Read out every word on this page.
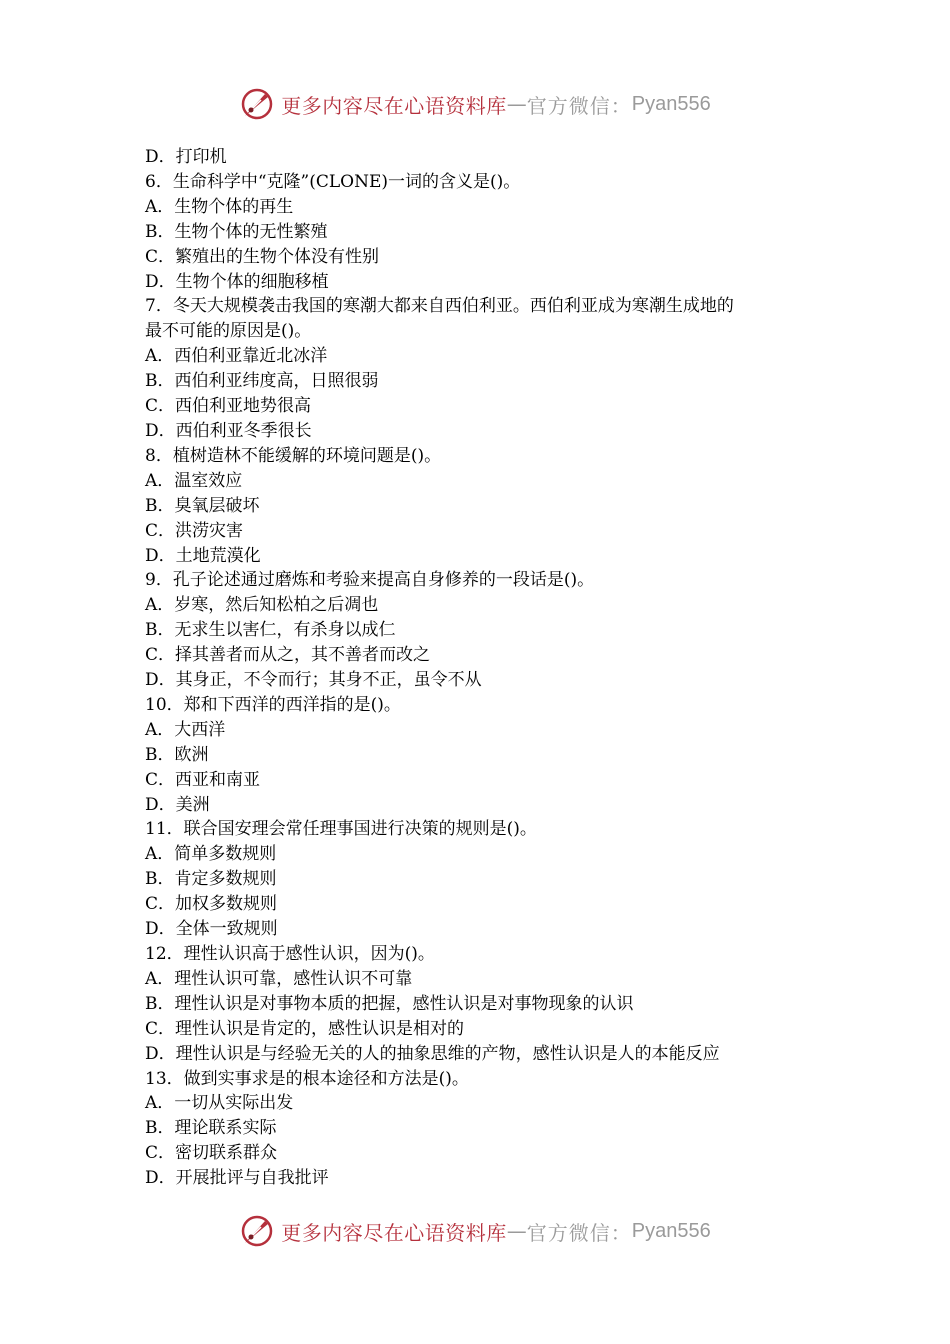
更多内容尽在心语资料库 — 官方微信： Pyan556
D．打印机
6．生命科学中“克隆”(CLONE)一词的含义是()。
A．生物个体的再生
B．生物个体的无性繁殖
C．繁殖出的生物个体没有性别
D．生物个体的细胞移植
7．冬天大规模袭击我国的寒潮大都来自西伯利亚。西伯利亚成为寒潮生成地的
最不可能的原因是()。
A．西伯利亚靠近北冰洋
B．西伯利亚纬度高，日照很弱
C．西伯利亚地势很高
D．西伯利亚冬季很长
8．植树造林不能缓解的环境问题是()。
A．温室效应
B．臭氧层破坏
C．洪涝灾害
D．土地荒漠化
9．孔子论述通过磨炼和考验来提高自身修养的一段话是()。
A．岁寒，然后知松柏之后凋也
B．无求生以害仁，有杀身以成仁
C．择其善者而从之，其不善者而改之
D．其身正，不令而行；其身不正，虽令不从
10．郑和下西洋的西洋指的是()。
A．大西洋
B．欧洲
C．西亚和南亚
D．美洲
11．联合国安理会常任理事国进行决策的规则是()。
A．简单多数规则
B．肯定多数规则
C．加权多数规则
D．全体一致规则
12．理性认识高于感性认识，因为()。
A．理性认识可靠，感性认识不可靠
B．理性认识是对事物本质的把握，感性认识是对事物现象的认识
C．理性认识是肯定的，感性认识是相对的
D．理性认识是与经验无关的人的抽象思维的产物，感性认识是人的本能反应
13．做到实事求是的根本途径和方法是()。
A．一切从实际出发
B．理论联系实际
C．密切联系群众
D．开展批评与自我批评
更多内容尽在心语资料库 — 官方微信： Pyan556
